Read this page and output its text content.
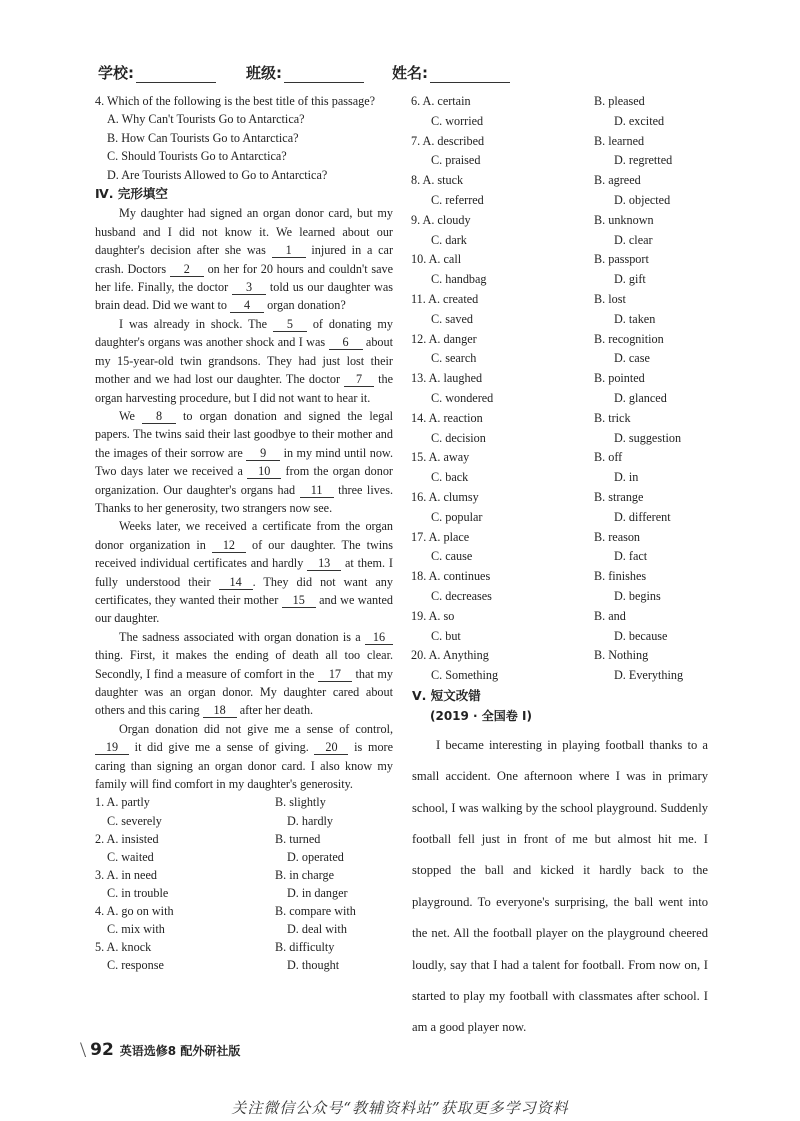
学校:	班级:	姓名:
4. Which of the following is the best title of this passage?
A. Why Can't Tourists Go to Antarctica?
B. How Can Tourists Go to Antarctica?
C. Should Tourists Go to Antarctica?
D. Are Tourists Allowed to Go to Antarctica?
Ⅳ. 完形填空

My daughter had signed an organ donor card, but my husband and I did not know it. We learned about our daughter's decision after she was 1 injured in a car crash. Doctors 2 on her for 20 hours and couldn't save her life. Finally, the doctor 3 told us our daughter was brain dead. Did we want to 4 organ donation?

I was already in shock. The 5 of donating my daughter's organs was another shock and I was 6 about my 15-year-old twin grandsons. They had just lost their mother and we had lost our daughter. The doctor 7 the organ harvesting procedure, but I did not want to hear it.

We 8 to organ donation and signed the legal papers. The twins said their last goodbye to their mother and the images of their sorrow are 9 in my mind until now. Two days later we received a 10 from the organ donor organization. Our daughter's organs had 11 three lives. Thanks to her generosity, two strangers now see.

Weeks later, we received a certificate from the organ donor organization in 12 of our daughter. The twins received individual certificates and hardly 13 at them. I fully understood their 14 . They did not want any certificates, they wanted their mother 15 and we wanted our daughter.

The sadness associated with organ donation is a 16 thing. First, it makes the ending of death all too clear. Secondly, I find a measure of comfort in the 17 that my daughter was an organ donor. My daughter cared about others and this caring 18 after her death.

Organ donation did not give me a sense of control, 19 it did give me a sense of giving. 20 is more caring than signing an organ donor card. I also know my family will find comfort in my daughter's generosity.

1. A. partly	B. slightly
C. severely	D. hardly
2. A. insisted	B. turned
C. waited	D. operated
3. A. in need	B. in charge
C. in trouble	D. in danger
4. A. go on with	B. compare with
C. mix with	D. deal with
5. A. knock	B. difficulty
C. response	D. thought
6. A. certain	B. pleased
C. worried	D. excited
7. A. described	B. learned
C. praised	D. regretted
8. A. stuck	B. agreed
C. referred	D. objected
9. A. cloudy	B. unknown
C. dark	D. clear
10. A. call	B. passport
C. handbag	D. gift
11. A. created	B. lost
C. saved	D. taken
12. A. danger	B. recognition
C. search	D. case
13. A. laughed	B. pointed
C. wondered	D. glanced
14. A. reaction	B. trick
C. decision	D. suggestion
15. A. away	B. off
C. back	D. in
16. A. clumsy	B. strange
C. popular	D. different
17. A. place	B. reason
C. cause	D. fact
18. A. continues	B. finishes
C. decreases	D. begins
19. A. so	B. and
C. but	D. because
20. A. Anything	B. Nothing
C. Something	D. Everything
Ⅴ. 短文改错
(2019 · 全国卷 Ⅰ)

I became interesting in playing football thanks to a small accident. One afternoon where I was in primary school, I was walking by the school playground. Suddenly football fell just in front of me but almost hit me. I stopped the ball and kicked it hardly back to the playground. To everyone's surprising, the ball went into the net. All the football player on the playground cheered loudly, say that I had a talent for football. From now on, I started to play my football with classmates after school. I am a good player now.

\ 92 英语选修8 配外研社版
关注微信公众号“教辅资料站”获取更多学习资料
